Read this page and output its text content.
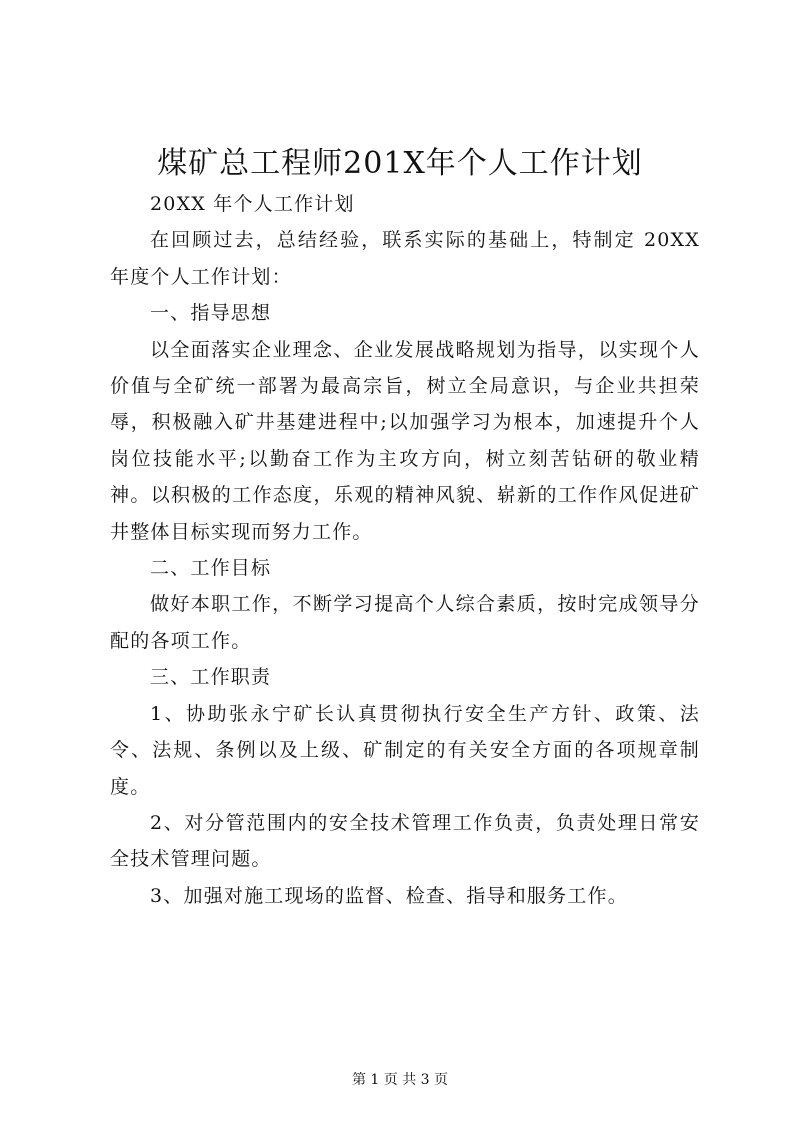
煤矿总工程师201X年个人工作计划

20XX 年个人工作计划

在回顾过去，总结经验，联系实际的基础上，特制定 20XX 年度个人工作计划：

一、指导思想

以全面落实企业理念、企业发展战略规划为指导，以实现个人价值与全矿统一部署为最高宗旨，树立全局意识，与企业共担荣辱，积极融入矿井基建进程中;以加强学习为根本，加速提升个人岗位技能水平;以勤奋工作为主攻方向，树立刻苦钻研的敬业精神。以积极的工作态度，乐观的精神风貌、崭新的工作作风促进矿井整体目标实现而努力工作。

二、工作目标

做好本职工作，不断学习提高个人综合素质，按时完成领导分配的各项工作。

三、工作职责

1、协助张永宁矿长认真贯彻执行安全生产方针、政策、法令、法规、条例以及上级、矿制定的有关安全方面的各项规章制度。

2、对分管范围内的安全技术管理工作负责，负责处理日常安全技术管理问题。

3、加强对施工现场的监督、检查、指导和服务工作。

第 1 页 共 3 页
